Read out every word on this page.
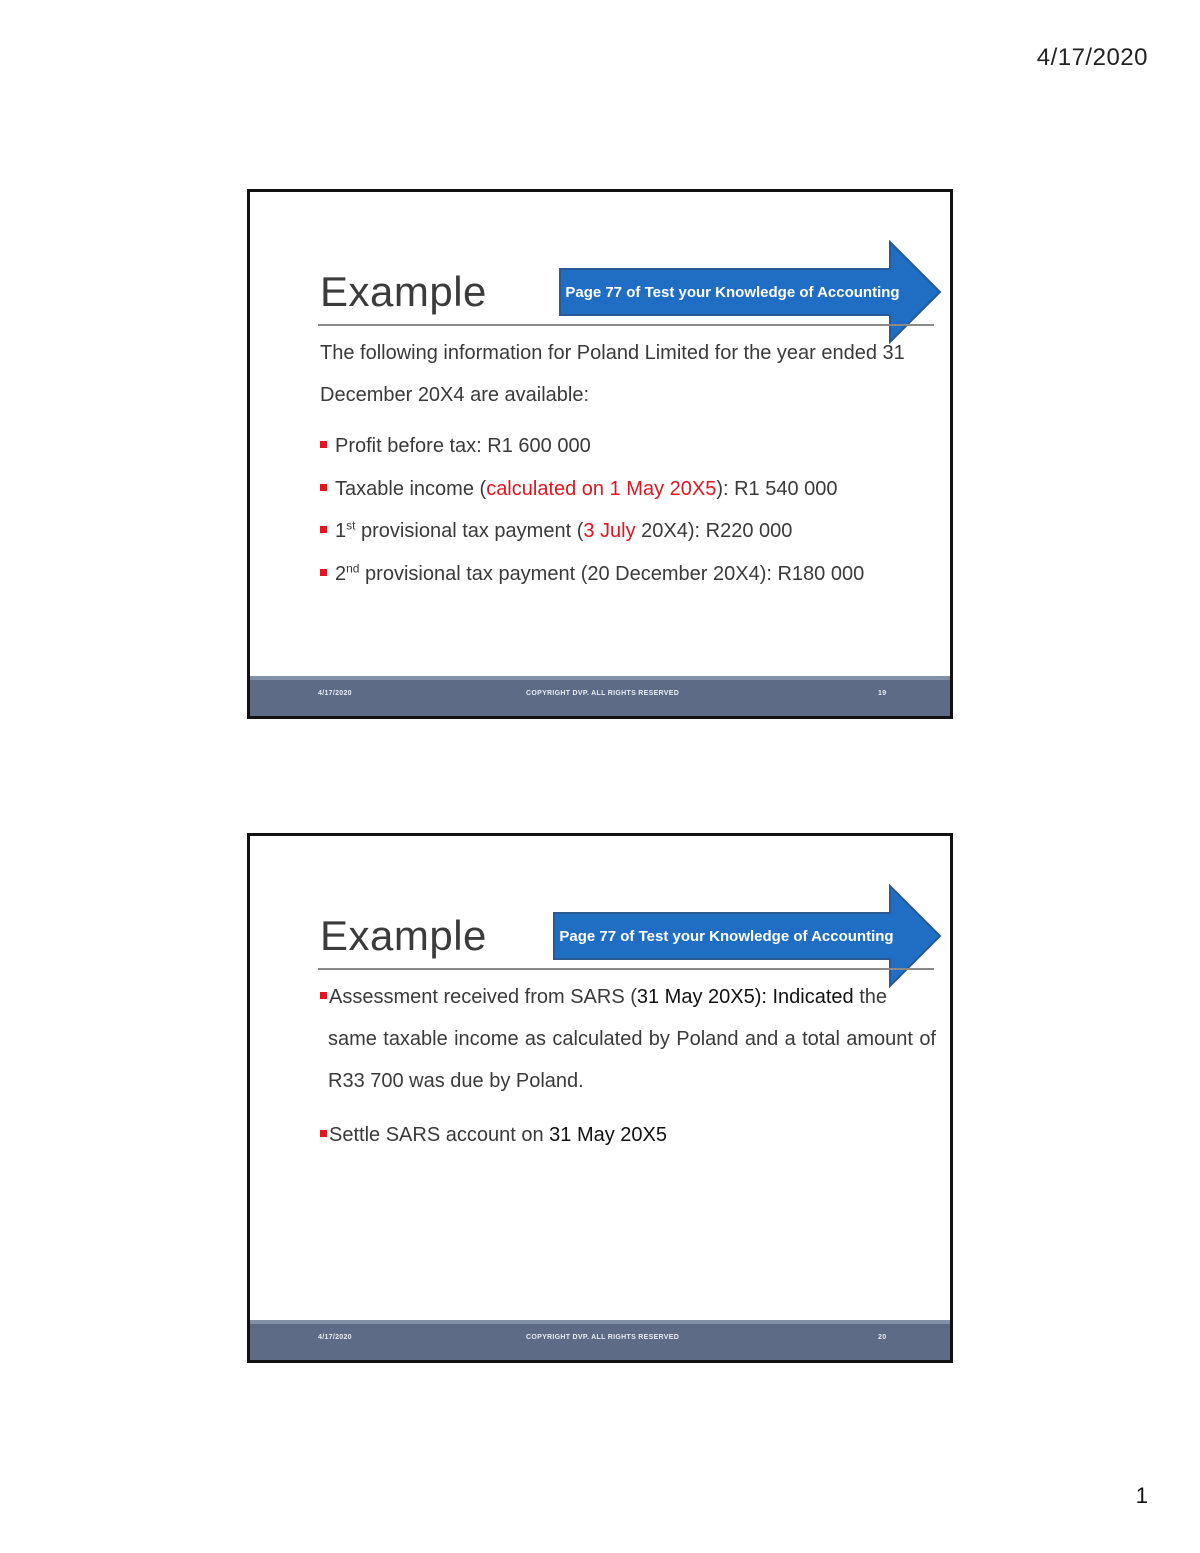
4/17/2020
Page 77 of Test your Knowledge of Accounting
Example
The following information for Poland Limited for the year ended 31 December 20X4 are available:
Profit before tax: R1 600 000
Taxable income (calculated on 1 May 20X5): R1 540 000
1st provisional tax payment (3 July 20X4): R220 000
2nd provisional tax payment (20 December 20X4): R180 000
4/17/2020	COPYRIGHT DVP. ALL RIGHTS RESERVED	19
Page 77 of Test your Knowledge of Accounting
Example
Assessment received from SARS (31 May 20X5): Indicated the
same taxable income as calculated by Poland and a total amount of R33 700 was due by Poland.
Settle SARS account on 31 May 20X5
4/17/2020	COPYRIGHT DVP. ALL RIGHTS RESERVED	20
1
